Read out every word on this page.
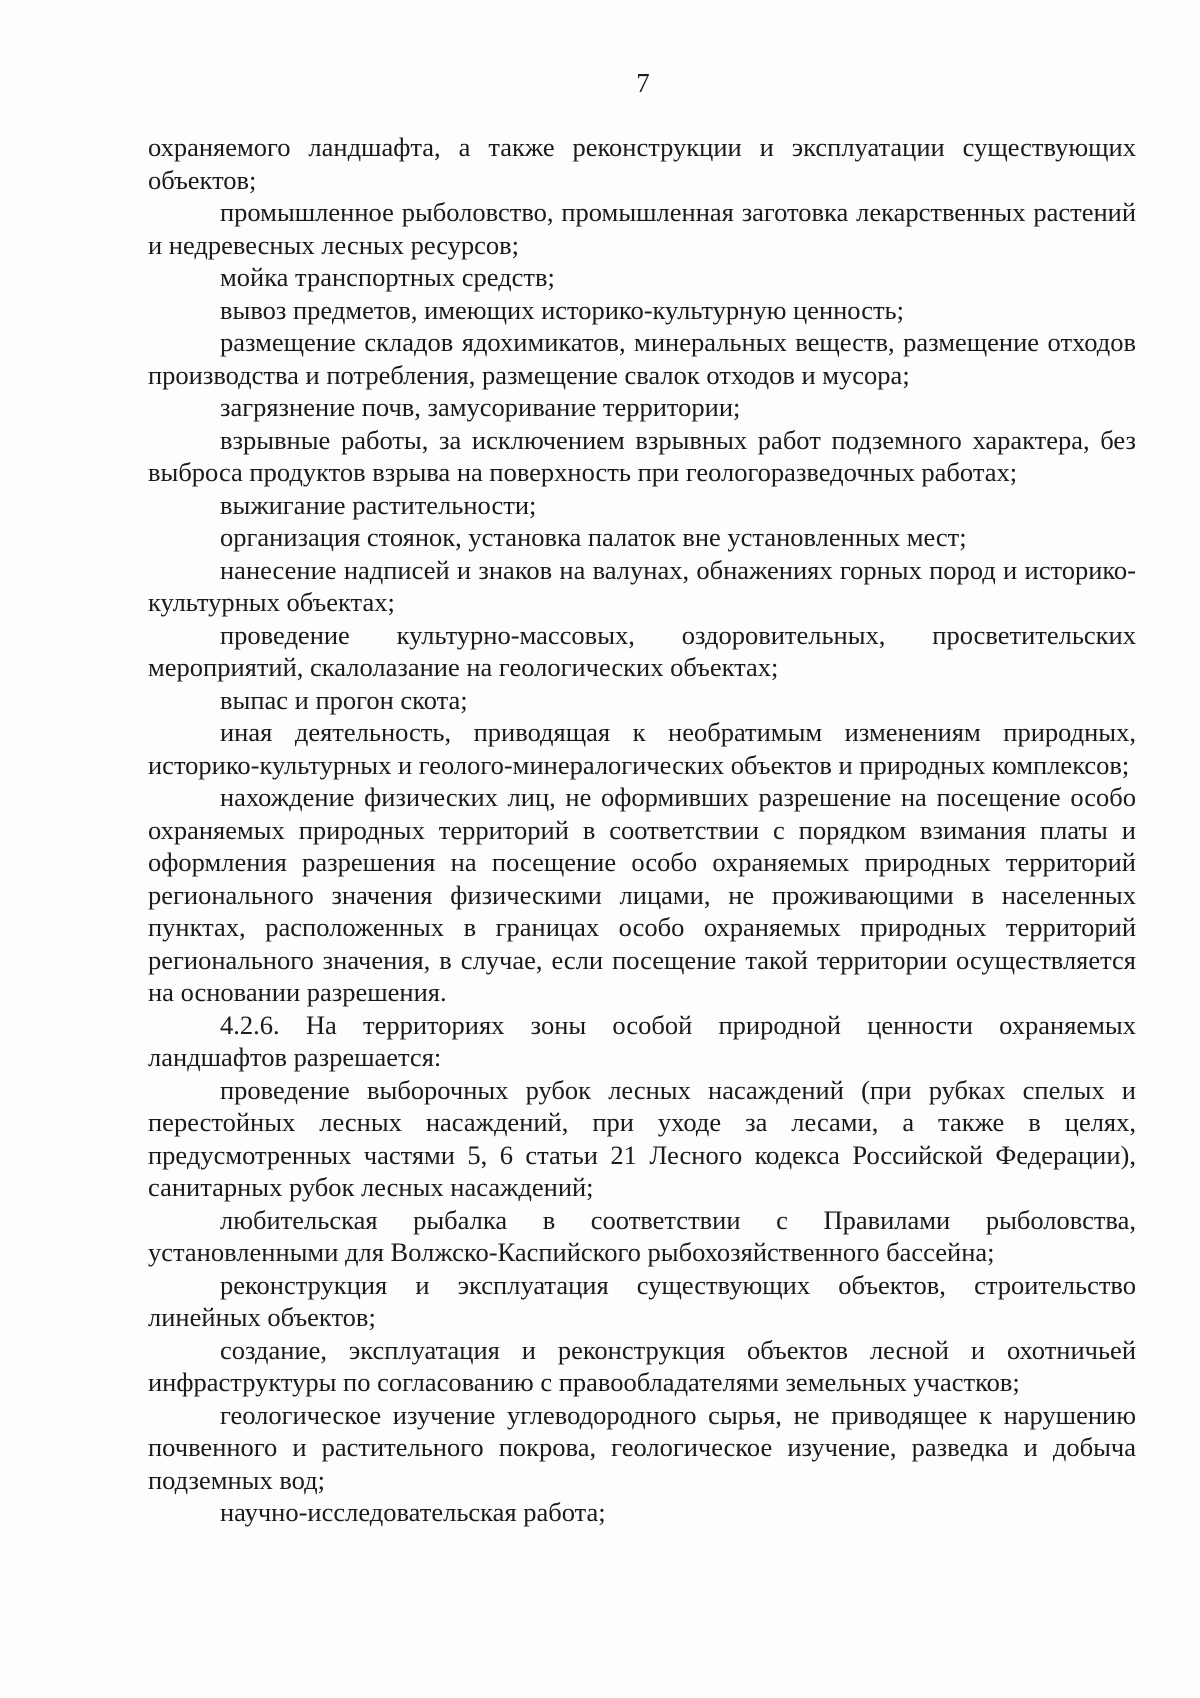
7

охраняемого ландшафта, а также реконструкции и эксплуатации существующих объектов;

промышленное рыболовство, промышленная заготовка лекарственных растений и недревесных лесных ресурсов;

мойка транспортных средств;

вывоз предметов, имеющих историко-культурную ценность;

размещение складов ядохимикатов, минеральных веществ, размещение отходов производства и потребления, размещение свалок отходов и мусора;

загрязнение почв, замусоривание территории;

взрывные работы, за исключением взрывных работ подземного характера, без выброса продуктов взрыва на поверхность при геологоразведочных работах;

выжигание растительности;

организация стоянок, установка палаток вне установленных мест;

нанесение надписей и знаков на валунах, обнажениях горных пород и историко-культурных объектах;

проведение культурно-массовых, оздоровительных, просветительских мероприятий, скалолазание на геологических объектах;

выпас и прогон скота;

иная деятельность, приводящая к необратимым изменениям природных, историко-культурных и геолого-минералогических объектов и природных комплексов;

нахождение физических лиц, не оформивших разрешение на посещение особо охраняемых природных территорий в соответствии с порядком взимания платы и оформления разрешения на посещение особо охраняемых природных территорий регионального значения физическими лицами, не проживающими в населенных пунктах, расположенных в границах особо охраняемых природных территорий регионального значения, в случае, если посещение такой территории осуществляется на основании разрешения.

4.2.6. На территориях зоны особой природной ценности охраняемых ландшафтов разрешается:

проведение выборочных рубок лесных насаждений (при рубках спелых и перестойных лесных насаждений, при уходе за лесами, а также в целях, предусмотренных частями 5, 6 статьи 21 Лесного кодекса Российской Федерации), санитарных рубок лесных насаждений;

любительская рыбалка в соответствии с Правилами рыболовства, установленными для Волжско-Каспийского рыбохозяйственного бассейна;

реконструкция и эксплуатация существующих объектов, строительство линейных объектов;

создание, эксплуатация и реконструкция объектов лесной и охотничьей инфраструктуры по согласованию с правообладателями земельных участков;

геологическое изучение углеводородного сырья, не приводящее к нарушению почвенного и растительного покрова, геологическое изучение, разведка и добыча подземных вод;

научно-исследовательская работа;
